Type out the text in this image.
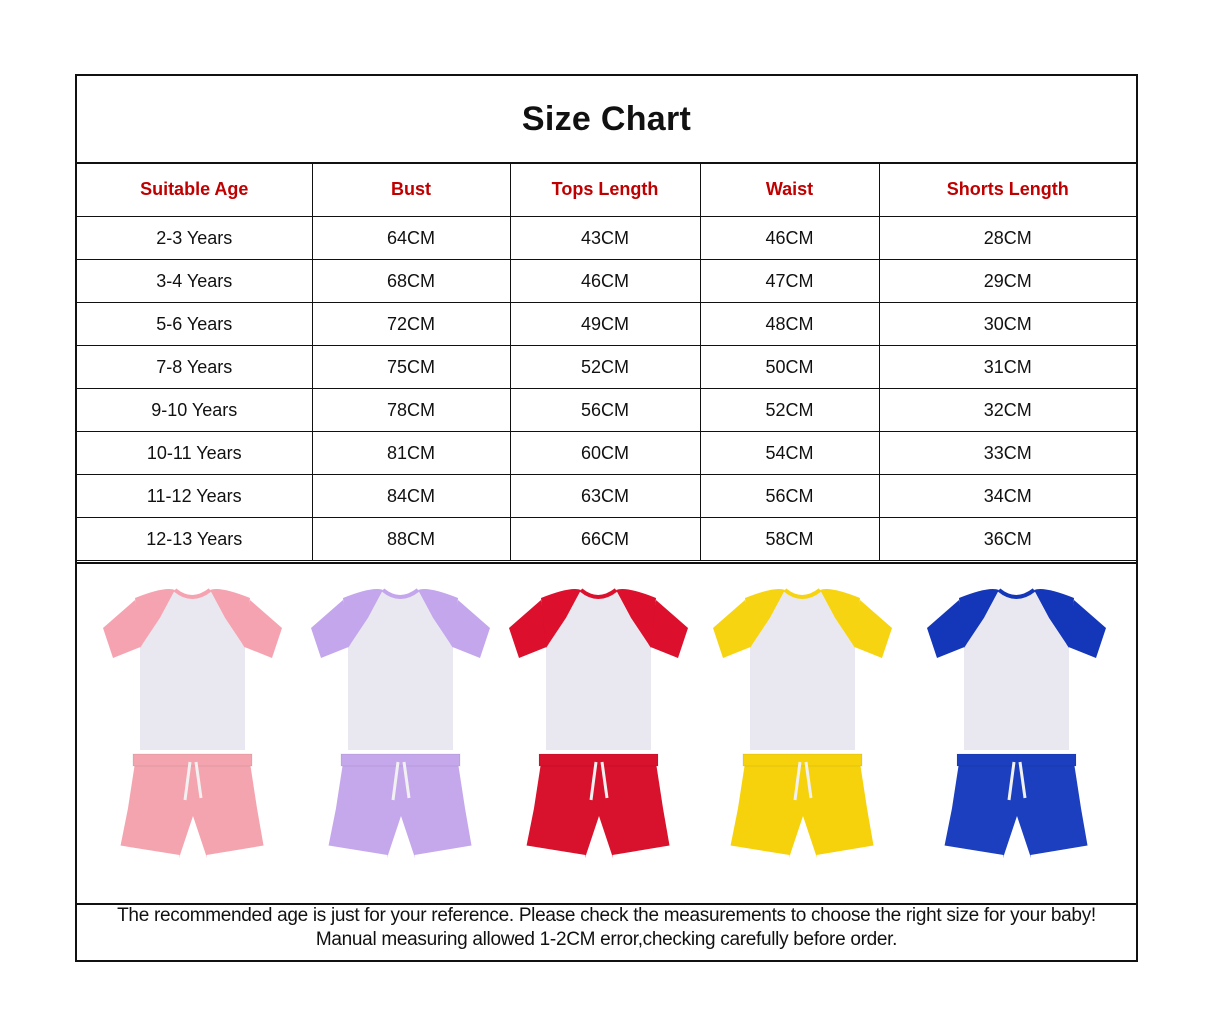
Size Chart
Suitable Age	Bust	Tops Length	Waist	Shorts Length
2-3 Years	64CM	43CM	46CM	28CM
3-4 Years	68CM	46CM	47CM	29CM
5-6 Years	72CM	49CM	48CM	30CM
7-8 Years	75CM	52CM	50CM	31CM
9-10 Years	78CM	56CM	52CM	32CM
10-11 Years	81CM	60CM	54CM	33CM
11-12 Years	84CM	63CM	56CM	34CM
12-13 Years	88CM	66CM	58CM	36CM
The recommended age is just for your reference. Please check the measurements to choose the right size for your baby!
Manual measuring allowed 1-2CM error,checking carefully before order.
